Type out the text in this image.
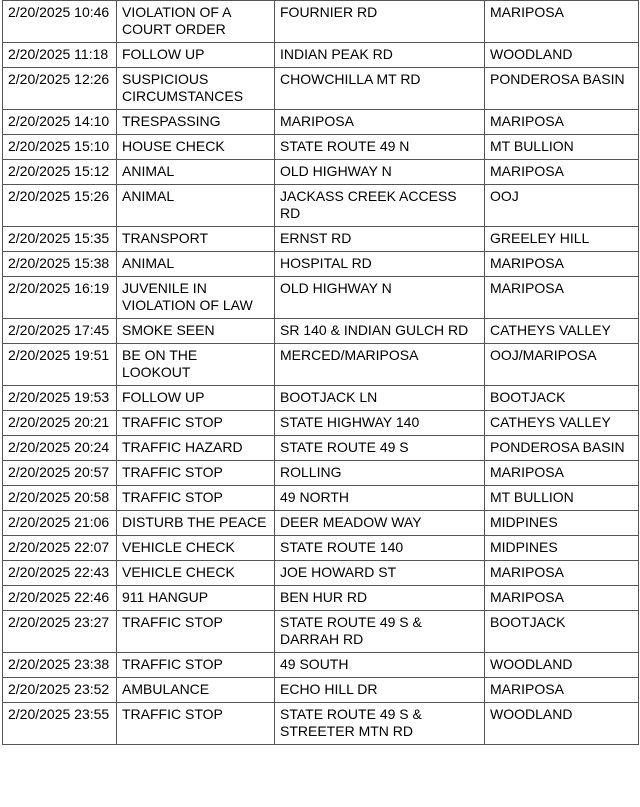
2/20/2025 10:46	VIOLATION OF A COURT ORDER	FOURNIER RD	MARIPOSA
2/20/2025 11:18	FOLLOW UP	INDIAN PEAK RD	WOODLAND
2/20/2025 12:26	SUSPICIOUS CIRCUMSTANCES	CHOWCHILLA MT RD	PONDEROSA BASIN
2/20/2025 14:10	TRESPASSING	MARIPOSA	MARIPOSA
2/20/2025 15:10	HOUSE CHECK	STATE ROUTE 49 N	MT BULLION
2/20/2025 15:12	ANIMAL	OLD HIGHWAY N	MARIPOSA
2/20/2025 15:26	ANIMAL	JACKASS CREEK ACCESS RD	OOJ
2/20/2025 15:35	TRANSPORT	ERNST RD	GREELEY HILL
2/20/2025 15:38	ANIMAL	HOSPITAL RD	MARIPOSA
2/20/2025 16:19	JUVENILE IN VIOLATION OF LAW	OLD HIGHWAY N	MARIPOSA
2/20/2025 17:45	SMOKE SEEN	SR 140 & INDIAN GULCH RD	CATHEYS VALLEY
2/20/2025 19:51	BE ON THE LOOKOUT	MERCED/MARIPOSA	OOJ/MARIPOSA
2/20/2025 19:53	FOLLOW UP	BOOTJACK LN	BOOTJACK
2/20/2025 20:21	TRAFFIC STOP	STATE HIGHWAY 140	CATHEYS VALLEY
2/20/2025 20:24	TRAFFIC HAZARD	STATE ROUTE 49 S	PONDEROSA BASIN
2/20/2025 20:57	TRAFFIC STOP	ROLLING	MARIPOSA
2/20/2025 20:58	TRAFFIC STOP	49 NORTH	MT BULLION
2/20/2025 21:06	DISTURB THE PEACE	DEER MEADOW WAY	MIDPINES
2/20/2025 22:07	VEHICLE CHECK	STATE ROUTE 140	MIDPINES
2/20/2025 22:43	VEHICLE CHECK	JOE HOWARD ST	MARIPOSA
2/20/2025 22:46	911 HANGUP	BEN HUR RD	MARIPOSA
2/20/2025 23:27	TRAFFIC STOP	STATE ROUTE 49 S & DARRAH RD	BOOTJACK
2/20/2025 23:38	TRAFFIC STOP	49 SOUTH	WOODLAND
2/20/2025 23:52	AMBULANCE	ECHO HILL DR	MARIPOSA
2/20/2025 23:55	TRAFFIC STOP	STATE ROUTE 49 S & STREETER MTN RD	WOODLAND
